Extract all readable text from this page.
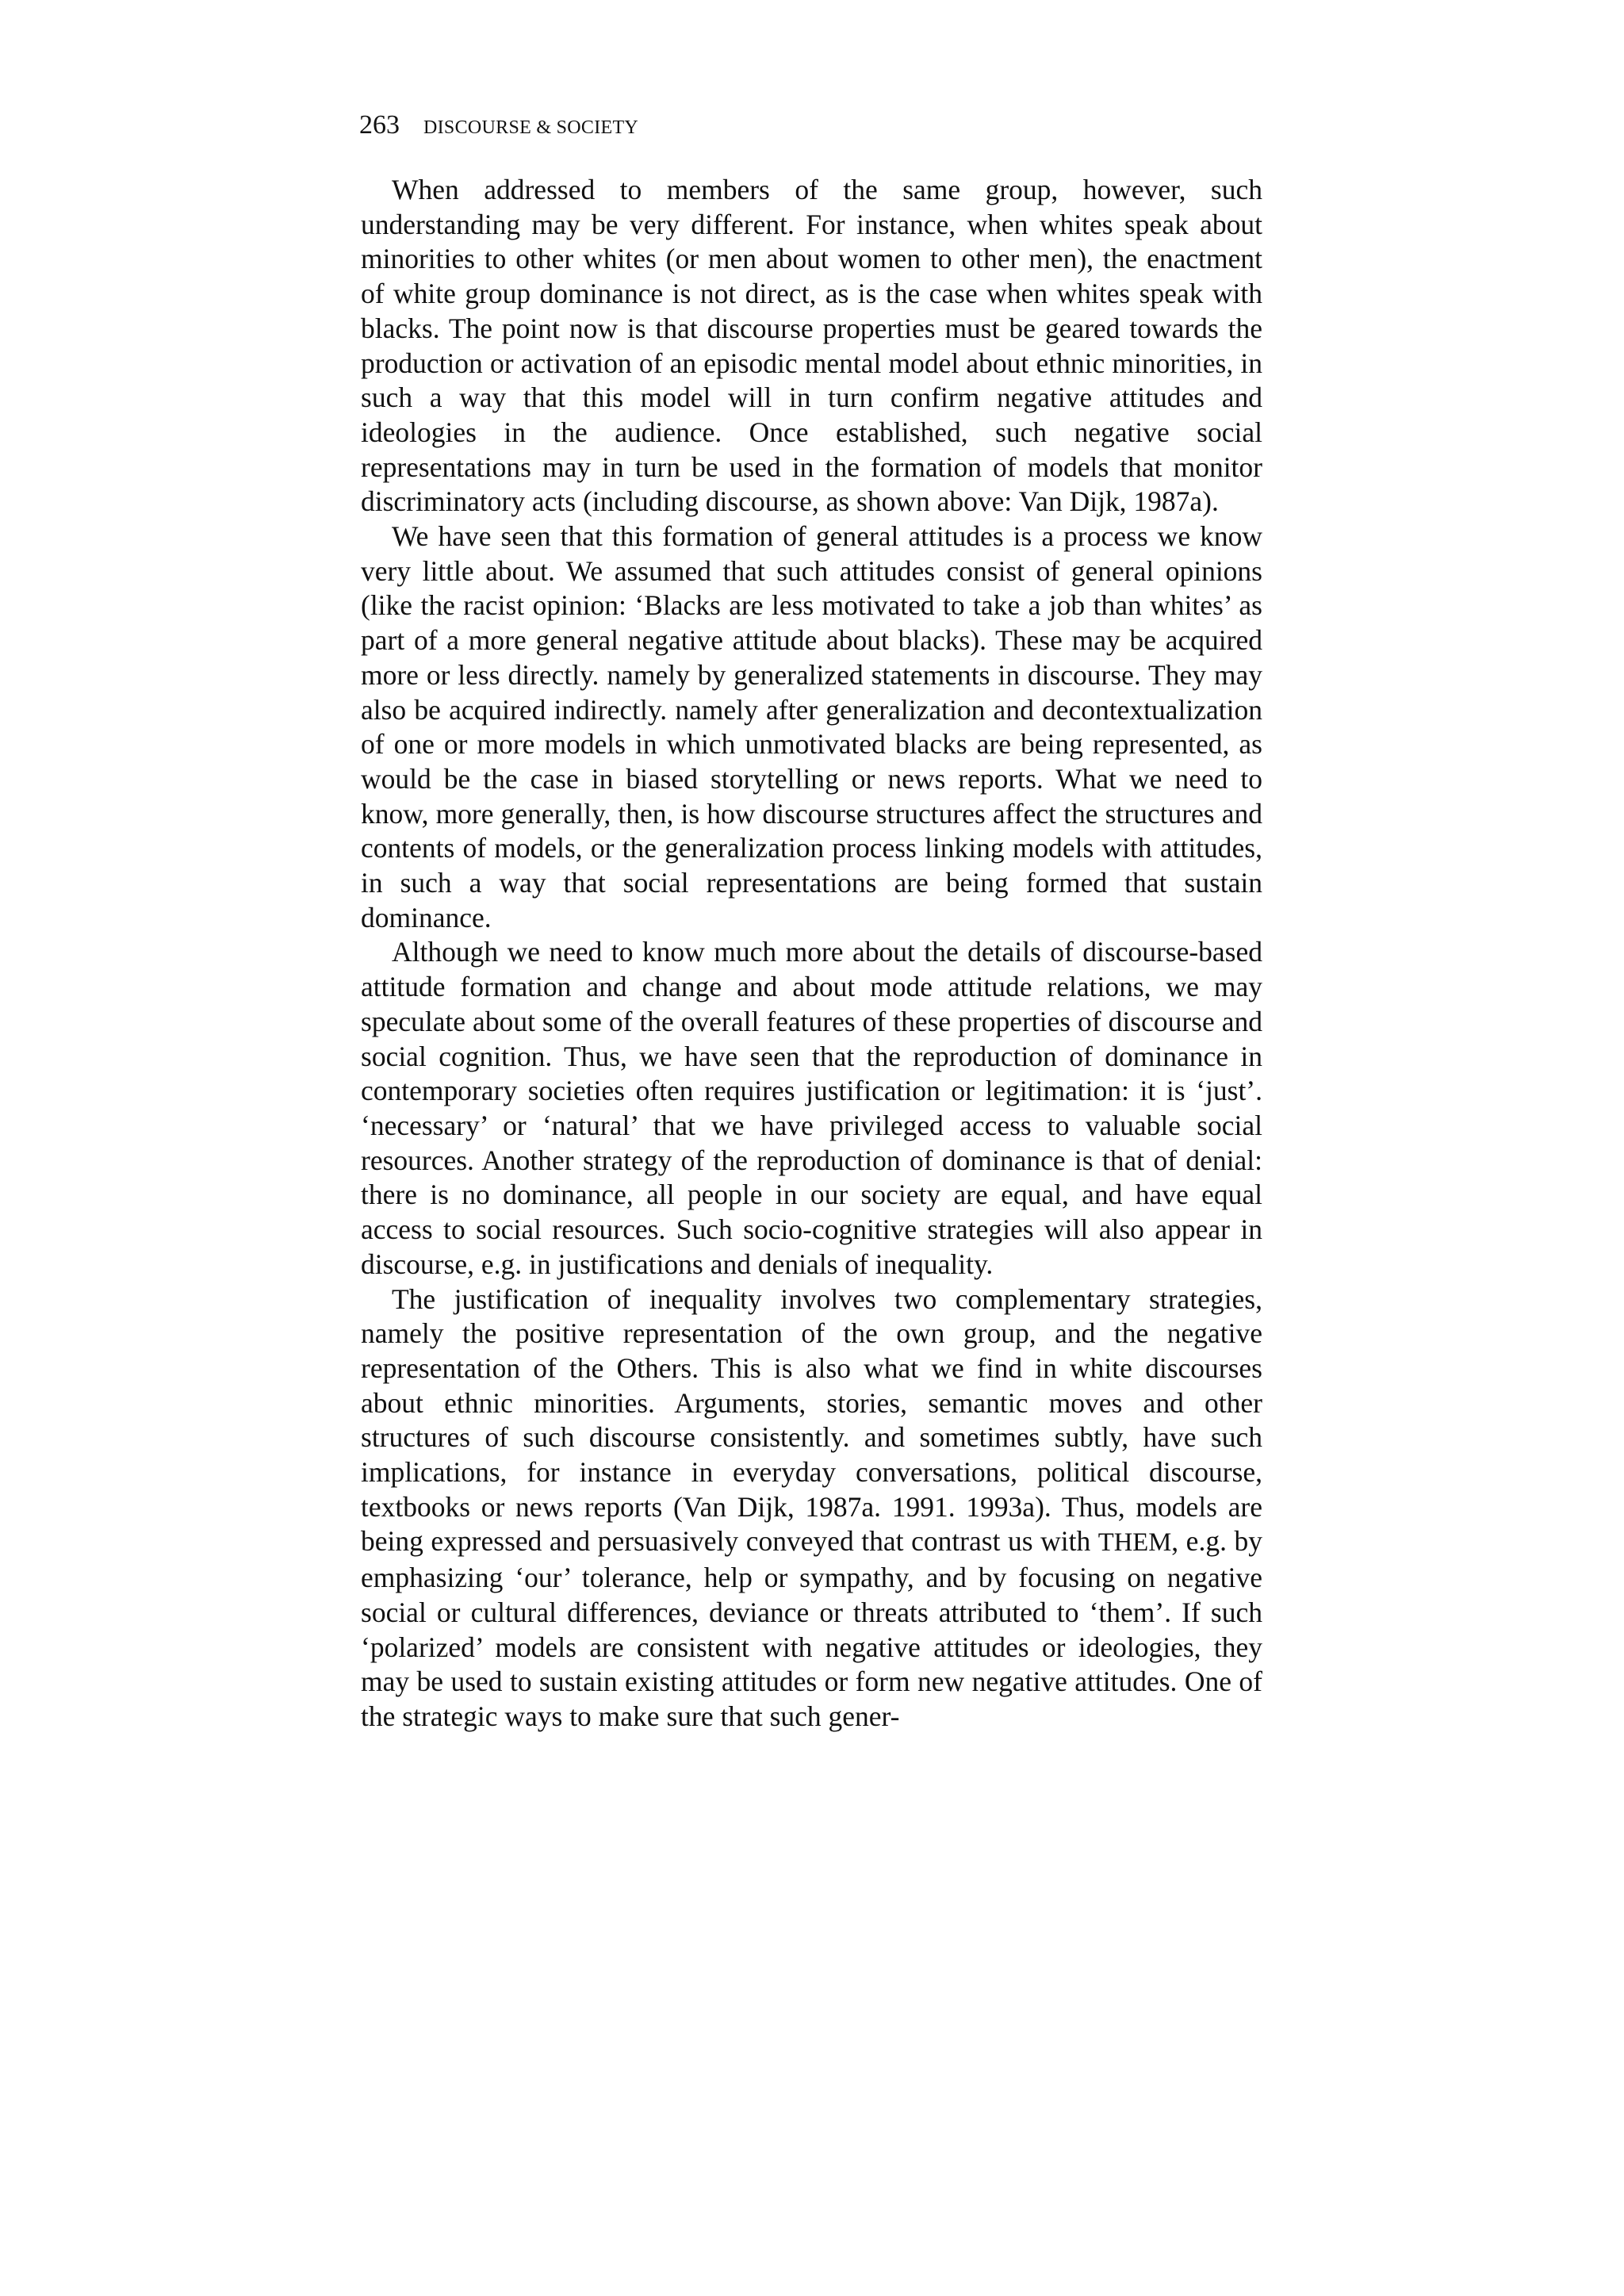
263 DISCOURSE & SOCIETY

When addressed to members of the same group, however, such understanding may be very different. For instance, when whites speak about minorities to other whites (or men about women to other men), the enactment of white group dominance is not direct, as is the case when whites speak with blacks. The point now is that discourse properties must be geared towards the production or activation of an episodic mental model about ethnic minorities, in such a way that this model will in turn confirm negative attitudes and ideologies in the audience. Once established, such negative social representations may in turn be used in the formation of models that monitor discriminatory acts (including discourse, as shown above: Van Dijk, 1987a).

We have seen that this formation of general attitudes is a process we know very little about. We assumed that such attitudes consist of general opinions (like the racist opinion: ‘Blacks are less motivated to take a job than whites’ as part of a more general negative attitude about blacks). These may be acquired more or less directly. namely by generalized statements in discourse. They may also be acquired indirectly. namely after generalization and decontextualization of one or more models in which unmotivated blacks are being represented, as would be the case in biased storytelling or news reports. What we need to know, more generally, then, is how discourse structures affect the structures and contents of models, or the generalization process linking models with attitudes, in such a way that social representations are being formed that sustain dominance.

Although we need to know much more about the details of discourse-based attitude formation and change and about mode attitude relations, we may speculate about some of the overall features of these properties of discourse and social cognition. Thus, we have seen that the reproduction of dominance in contemporary societies often requires justification or legitimation: it is ‘just’. ‘necessary’ or ‘natural’ that we have privileged access to valuable social resources. Another strategy of the reproduction of dominance is that of denial: there is no dominance, all people in our society are equal, and have equal access to social resources. Such socio-cognitive strategies will also appear in discourse, e.g. in justifications and denials of inequality.

The justification of inequality involves two complementary strategies, namely the positive representation of the own group, and the negative representation of the Others. This is also what we find in white discourses about ethnic minorities. Arguments, stories, semantic moves and other structures of such discourse consistently. and sometimes subtly, have such implications, for instance in everyday conversations, political discourse, textbooks or news reports (Van Dijk, 1987a. 1991. 1993a). Thus, models are being expressed and persuasively conveyed that contrast us with THEM, e.g. by emphasizing ‘our’ tolerance, help or sympathy, and by focusing on negative social or cultural differences, deviance or threats attributed to ‘them’. If such ‘polarized’ models are consistent with negative attitudes or ideologies, they may be used to sustain existing attitudes or form new negative attitudes. One of the strategic ways to make sure that such gener-
